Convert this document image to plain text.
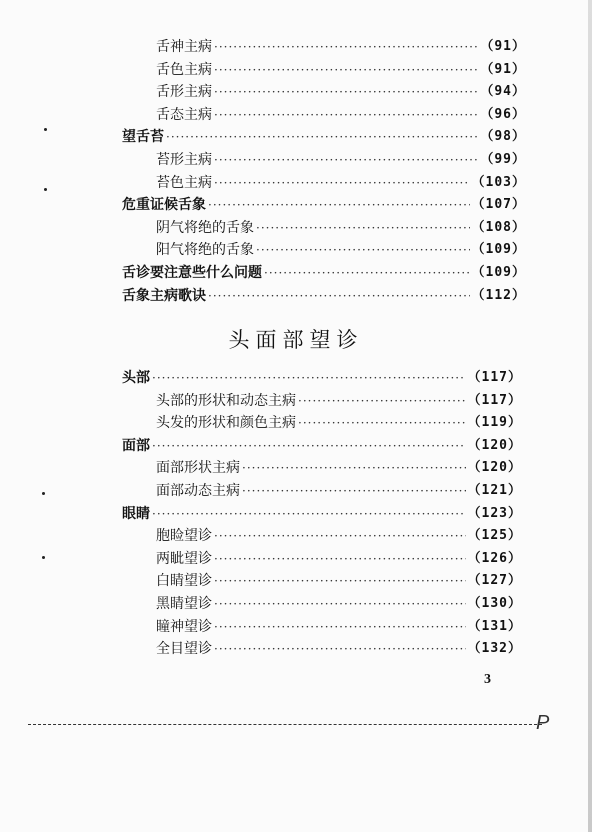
舌神主病 ·····	（91）
舌色主病 ·····	（91）
舌形主病 ·····	（94）
舌态主病 ·····	（96）
望舌苔 ·····	（98）
苔形主病 ·····	（99）
苔色主病 ·····	（103）
危重证候舌象 ·····	（107）
阴气将绝的舌象 ·····	（108）
阳气将绝的舌象 ·····	（109）
舌诊要注意些什么问题 ·····	（109）
舌象主病歌诀 ·····	（112）
头面部望诊
头部 ·····	（117）
头部的形状和动态主病 ·····	（117）
头发的形状和颜色主病 ·····	（119）
面部 ·····	（120）
面部形状主病 ·····	（120）
面部动态主病 ·····	（121）
眼睛 ·····	（123）
胞睑望诊 ·····	（125）
两眦望诊 ·····	（126）
白睛望诊 ·····	（127）
黑睛望诊 ·····	（130）
瞳神望诊 ·····	（131）
全目望诊 ·····	（132）
3
P
